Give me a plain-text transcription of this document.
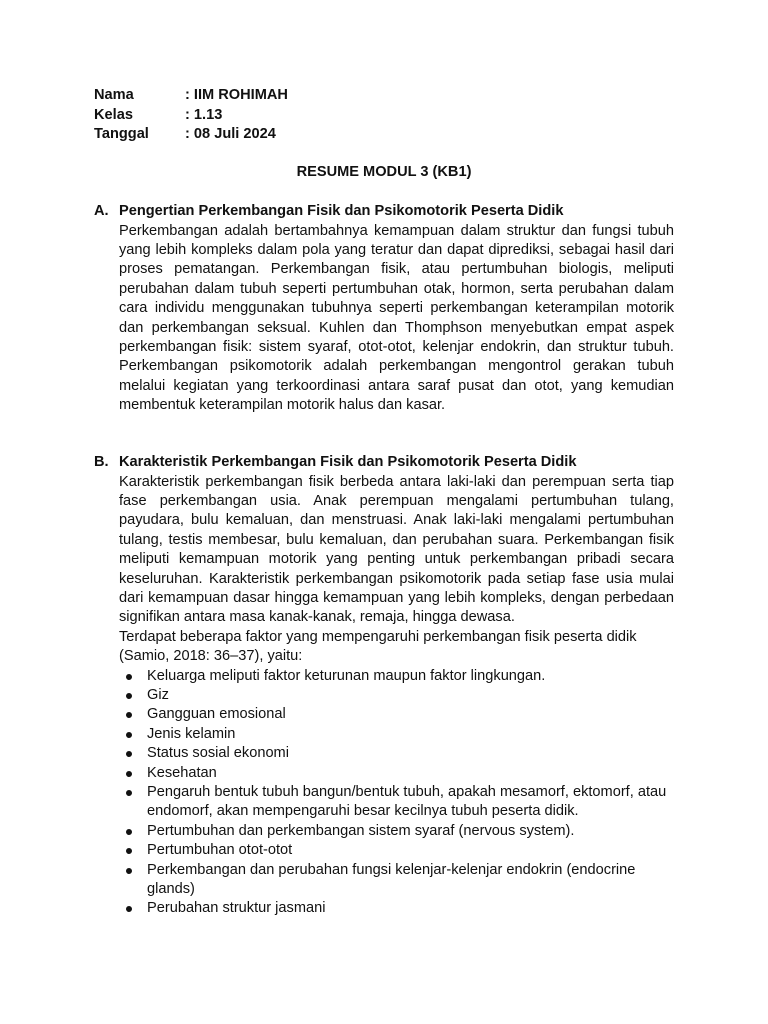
Nama	: IIM ROHIMAH
Kelas	: 1.13
Tanggal	: 08 Juli 2024
RESUME MODUL 3 (KB1)
A. Pengertian Perkembangan Fisik dan Psikomotorik Peserta Didik

Perkembangan adalah bertambahnya kemampuan dalam struktur dan fungsi tubuh yang lebih kompleks dalam pola yang teratur dan dapat diprediksi, sebagai hasil dari proses pematangan. Perkembangan fisik, atau pertumbuhan biologis, meliputi perubahan dalam tubuh seperti pertumbuhan otak, hormon, serta perubahan dalam cara individu menggunakan tubuhnya seperti perkembangan keterampilan motorik dan perkembangan seksual. Kuhlen dan Thomphson menyebutkan empat aspek perkembangan fisik: sistem syaraf, otot-otot, kelenjar endokrin, dan struktur tubuh. Perkembangan psikomotorik adalah perkembangan mengontrol gerakan tubuh melalui kegiatan yang terkoordinasi antara saraf pusat dan otot, yang kemudian membentuk keterampilan motorik halus dan kasar.

B. Karakteristik Perkembangan Fisik dan Psikomotorik Peserta Didik

Karakteristik perkembangan fisik berbeda antara laki-laki dan perempuan serta tiap fase perkembangan usia. Anak perempuan mengalami pertumbuhan tulang, payudara, bulu kemaluan, dan menstruasi. Anak laki-laki mengalami pertumbuhan tulang, testis membesar, bulu kemaluan, dan perubahan suara. Perkembangan fisik meliputi kemampuan motorik yang penting untuk perkembangan pribadi secara keseluruhan. Karakteristik perkembangan psikomotorik pada setiap fase usia mulai dari kemampuan dasar hingga kemampuan yang lebih kompleks, dengan perbedaan signifikan antara masa kanak-kanak, remaja, hingga dewasa.

Terdapat beberapa faktor yang mempengaruhi perkembangan fisik peserta didik (Samio, 2018: 36–37), yaitu:

Keluarga meliputi faktor keturunan maupun faktor lingkungan.
Giz
Gangguan emosional
Jenis kelamin
Status sosial ekonomi
Kesehatan
Pengaruh bentuk tubuh bangun/bentuk tubuh, apakah mesamorf, ektomorf, atau endomorf, akan mempengaruhi besar kecilnya tubuh peserta didik.
Pertumbuhan dan perkembangan sistem syaraf (nervous system).
Pertumbuhan otot-otot
Perkembangan dan perubahan fungsi kelenjar-kelenjar endokrin (endocrine glands)
Perubahan struktur jasmani
